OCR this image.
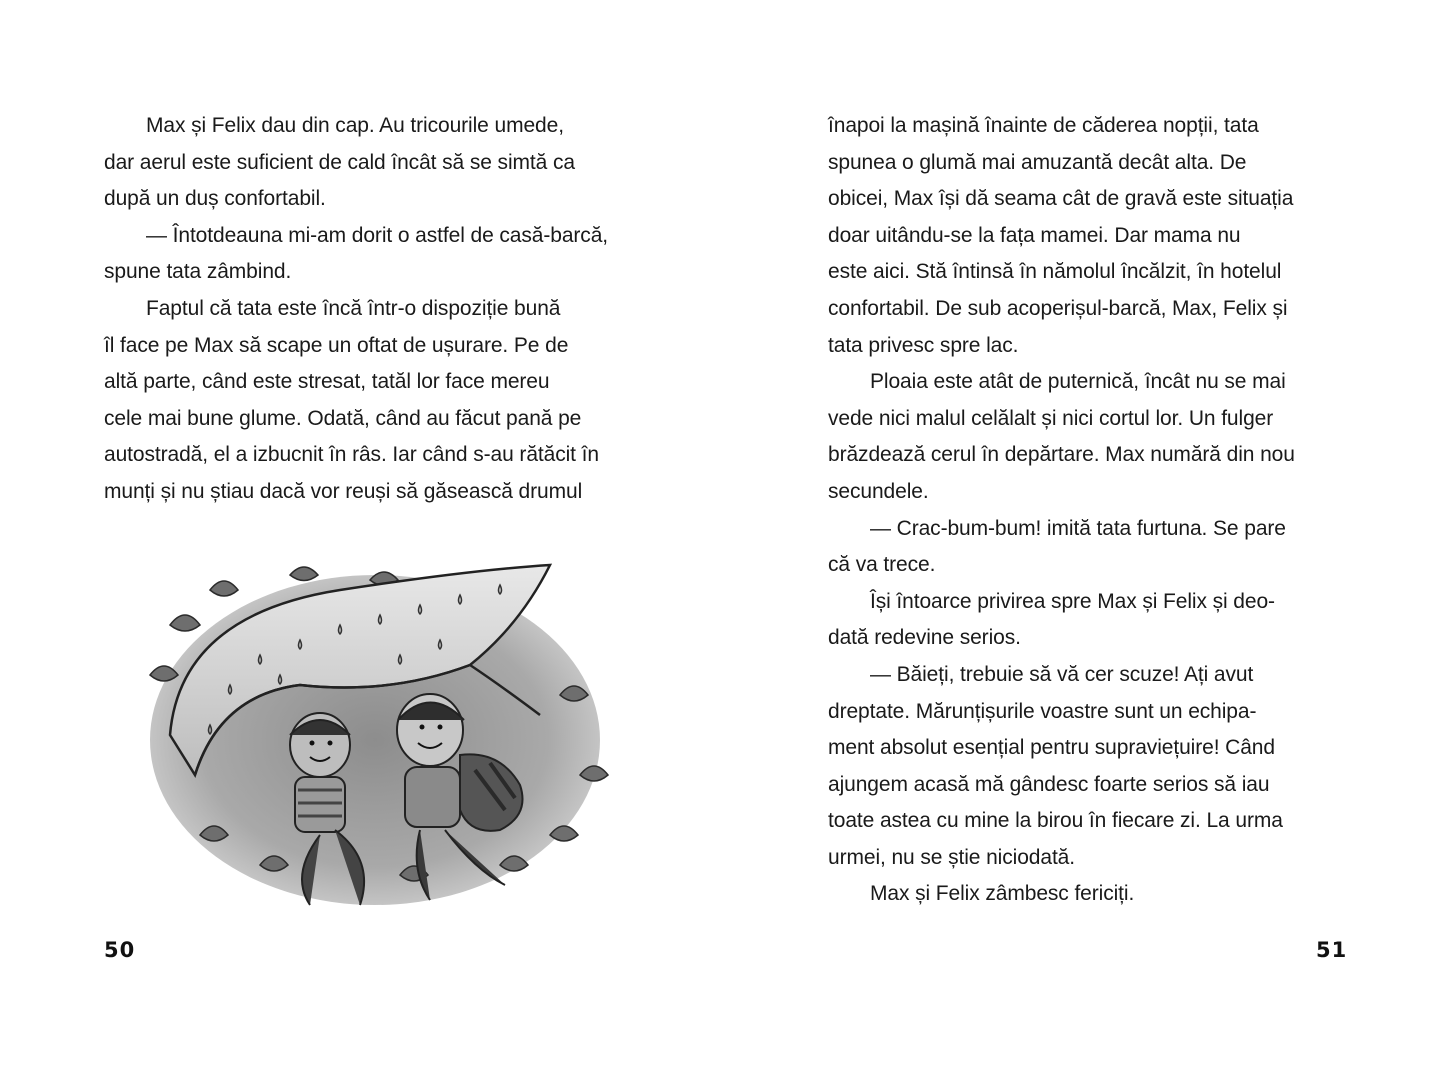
Max și Felix dau din cap. Au tricourile umede,
dar aerul este suficient de cald încât să se simtă ca
după un duș confortabil.
— Întotdeauna mi-am dorit o astfel de casă-barcă,
spune tata zâmbind.
Faptul că tata este încă într-o dispoziție bună
îl face pe Max să scape un oftat de ușurare. Pe de
altă parte, când este stresat, tatăl lor face mereu
cele mai bune glume. Odată, când au făcut pană pe
autostradă, el a izbucnit în râs. Iar când s-au rătăcit în
munți și nu știau dacă vor reuși să găsească drumul
50
înapoi la mașină înainte de căderea nopții, tata
spunea o glumă mai amuzantă decât alta. De
obicei, Max își dă seama cât de gravă este situația
doar uitându-se la fața mamei. Dar mama nu
este aici. Stă întinsă în nămolul încălzit, în hotelul
confortabil. De sub acoperișul-barcă, Max, Felix și
tata privesc spre lac.
Ploaia este atât de puternică, încât nu se mai
vede nici malul celălalt și nici cortul lor. Un fulger
brăzdează cerul în depărtare. Max numără din nou
secundele.
— Crac-bum-bum! imită tata furtuna. Se pare
că va trece.
Își întoarce privirea spre Max și Felix și deo-
dată redevine serios.
— Băieți, trebuie să vă cer scuze! Ați avut
dreptate. Mărunțișurile voastre sunt un echipa-
ment absolut esențial pentru supraviețuire! Când
ajungem acasă mă gândesc foarte serios să iau
toate astea cu mine la birou în fiecare zi. La urma
urmei, nu se știe niciodată.
Max și Felix zâmbesc fericiți.
51
